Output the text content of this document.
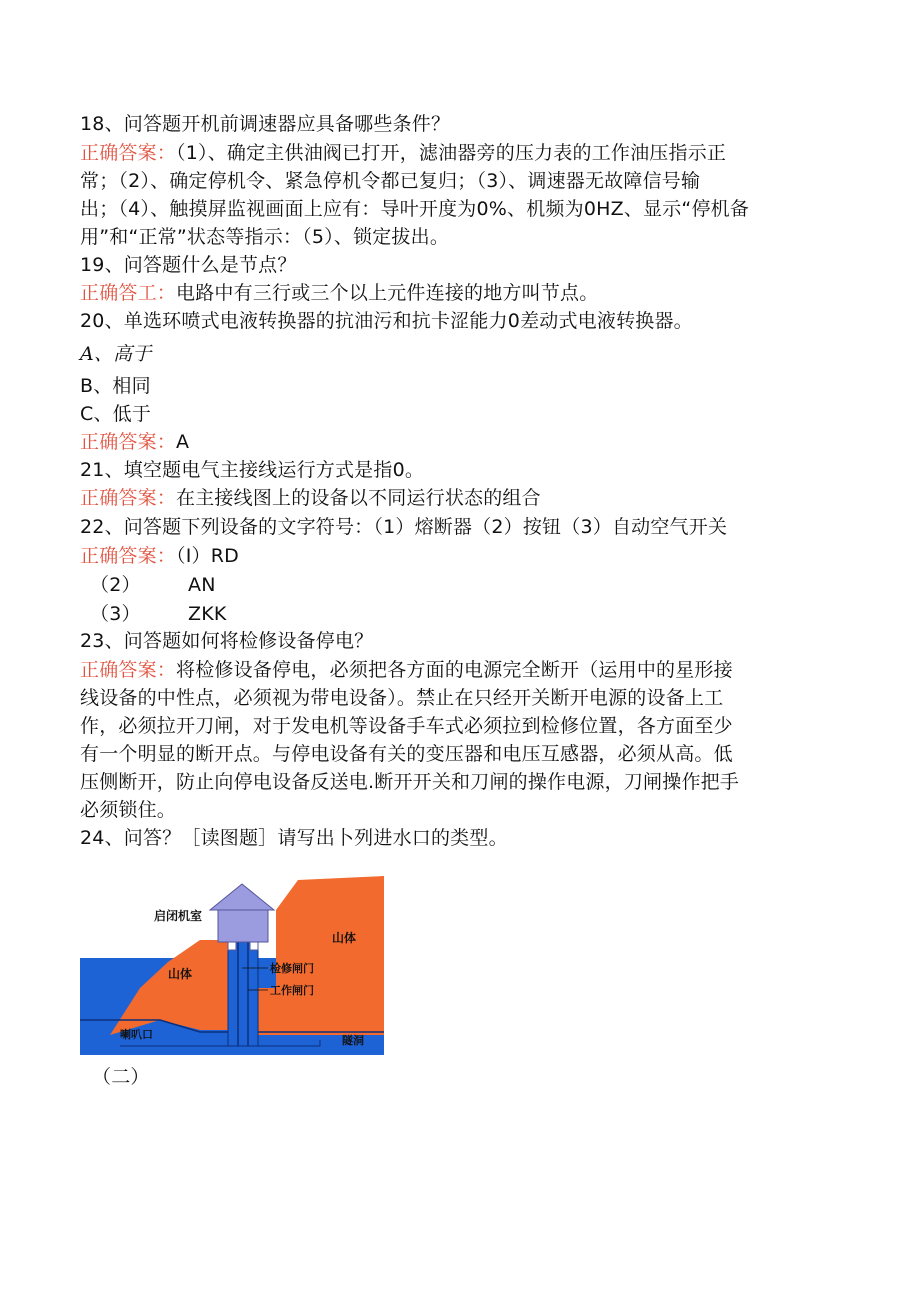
18、问答题开机前调速器应具备哪些条件？
正确答案：（1）、确定主供油阀已打开，滤油器旁的压力表的工作油压指示正
常；（2）、确定停机令、紧急停机令都已复归；（3）、调速器无故障信号输
出；（4）、触摸屏监视画面上应有：导叶开度为0%、机频为0HZ、显示“停机备
用”和“正常”状态等指示：（5）、锁定拔出。
19、问答题什么是节点？
正确答工：电路中有三行或三个以上元件连接的地方叫节点。
20、单选环喷式电液转换器的抗油污和抗卡涩能力0差动式电液转换器。
A、高于
B、相同
C、低于
正确答案：A
21、填空题电气主接线运行方式是指0。
正确答案：在主接线图上的设备以不同运行状态的组合
22、问答题下列设备的文字符号：（1）熔断器（2）按钮（3）自动空气开关
正确答案：（I）RD
（2） AN
（3） ZKK
23、问答题如何将检修设备停电？
正确答案：将检修设备停电，必须把各方面的电源完全断开（运用中的星形接
线设备的中性点，必须视为带电设备）。禁止在只经开关断开电源的设备上工
作，必须拉开刀闸，对于发电机等设备手车式必须拉到检修位置，各方面至少
有一个明显的断开点。与停电设备有关的变压器和电压互感器，必须从高。低
压侧断开，防止向停电设备反送电.断开开关和刀闸的操作电源，刀闸操作把手
必须锁住。
24、问答？［读图题］请写出卜列进水口的类型。
启闭机室
山体
山体	检修闸门
工作闸门
喇叭口	隧洞
（二）
